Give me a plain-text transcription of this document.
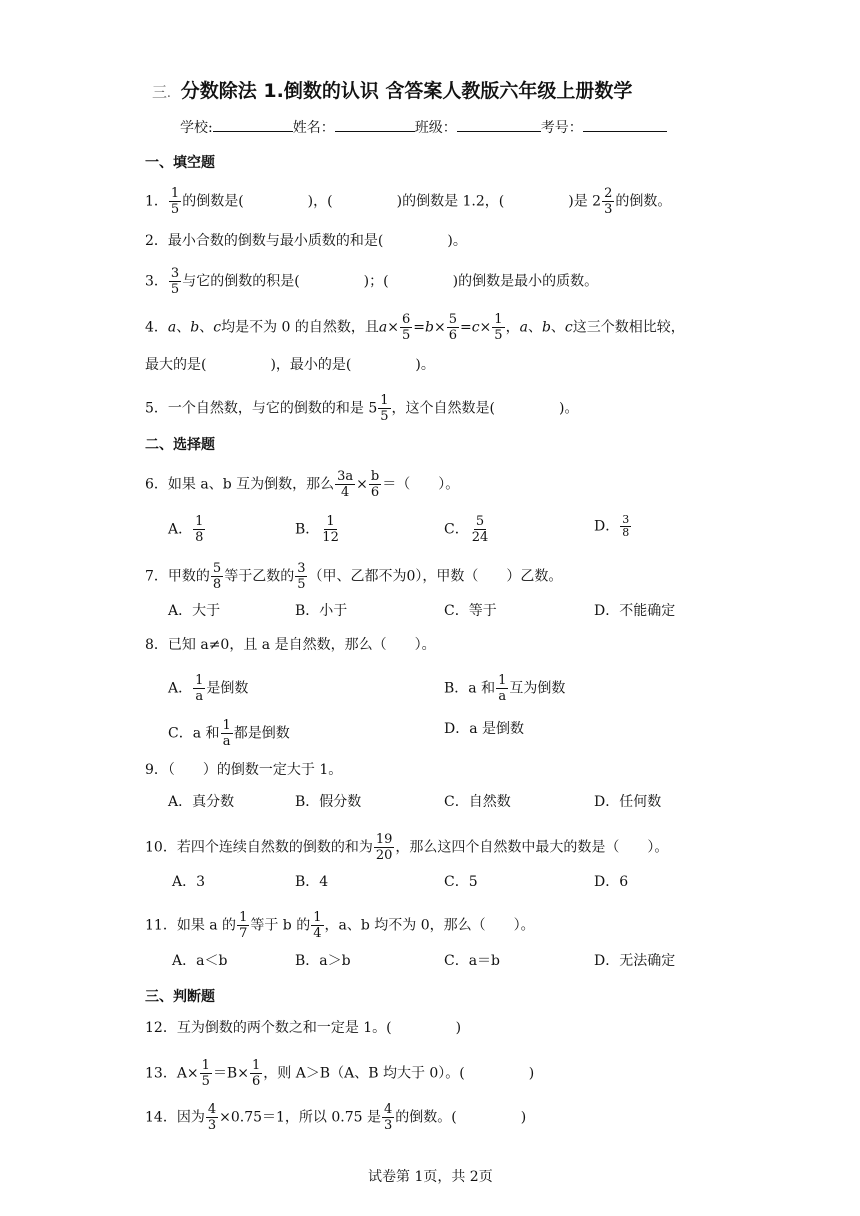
三. 分数除法 1.倒数的认识 含答案人教版六年级上册数学
学校:	姓名：	班级：	考号：
一、填空题
1． $\frac{1}{5}$ 的倒数是(	)，(	)的倒数是 1.2，(	)是 $2 \frac{2}{3}$ 的倒数。
2．最小合数的倒数与最小质数的和是(	)。
3． $\frac{3}{5}$ 与它的倒数的积是(	)；(	)的倒数是最小的质数。
4．a、b、c均是不为 0 的自然数，且$a\times \frac{6}{5} =b\times \frac{5}{6} =c\times \frac{1}{5}$ ，a、b、c这三个数相比较，
最大的是(	)，最小的是(	)。
5．一个自然数，与它的倒数的和是 $5 \frac{1}{5}$ ，这个自然数是(	)。
二、选择题
6．如果 a、b 互为倒数，那么 $\frac{3a}{4} \times \frac{b}{6}$ ＝（　　）。
A． $\frac{1}{8}$	B． $\frac{1}{12}$	C． $\frac{5}{24}$	D． $\frac{3}{8}$
7．甲数的 $\frac{5}{8}$ 等于乙数的 $\frac{3}{5}$ （甲、乙都不为0），甲数（　　）乙数。
A．大于	B．小于	C．等于	D．不能确定
8．已知 a≠0，且 a 是自然数，那么（　　）。
A． $\frac{1}{a}$ 是倒数	B．a 和 $\frac{1}{a}$ 互为倒数
C．a 和 $\frac{1}{a}$ 都是倒数	D．a 是倒数
9．（　　）的倒数一定大于 1。
A．真分数	B．假分数	C．自然数	D．任何数
10．若四个连续自然数的倒数的和为 $\frac{19}{20}$ ，那么这四个自然数中最大的数是（　　）。
A．3	B．4	C．5	D．6
11．如果 a 的 $\frac{1}{7}$ 等于 b 的 $\frac{1}{4}$ ，a、b 均不为 0，那么（　　）。
A．a＜b	B．a＞b	C．a＝b	D．无法确定
三、判断题
12．互为倒数的两个数之和一定是 1。(	)
13．$A\times \frac{1}{5} =B\times \frac{1}{6}$ ，则 A＞B（A、B 均大于 0）。(	)
14．因为 $\frac{4}{3} \times 0.75=1$，所以 0.75 是 $\frac{4}{3}$ 的倒数。(	)
试卷第 1页，共 2页
